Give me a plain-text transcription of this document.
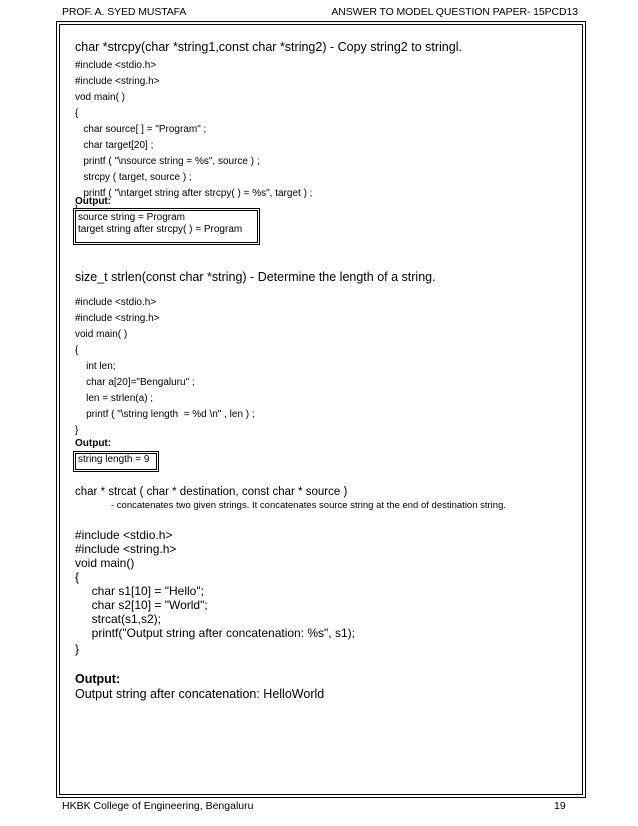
PROF. A. SYED MUSTAFA	ANSWER TO MODEL QUESTION PAPER- 15PCD13
char *strcpy(char *string1,const char *string2) - Copy string2 to stringl.
#include <stdio.h>
#include <string.h>
vod main( )
{
char source[ ] = "Program" ;
char target[20] ;
printf ( "\nsource string = %s", source ) ;
strcpy ( target, source ) ;
printf ( "\ntarget string after strcpy( ) = %s", target ) ;
Output:
source string = Program
target string after strcpy( ) = Program
size_t strlen(const char *string) - Determine the length of a string.
#include <stdio.h>
#include <string.h>
void main( )
{
int len;
char a[20]="Bengaluru" ;
len = strlen(a) ;
printf ( "\string length  = %d \n" , len ) ;
}
Output:
string length = 9
char * strcat ( char * destination, const char * source )
- concatenates two given strings. It concatenates source string at the end of destination string.
#include <stdio.h>
#include <string.h>
void main()
{
char s1[10] = "Hello";
char s2[10] = "World";
strcat(s1,s2);
printf("Output string after concatenation: %s", s1);
}
Output:
Output string after concatenation: HelloWorld
HKBK College of Engineering, Bengaluru	19
